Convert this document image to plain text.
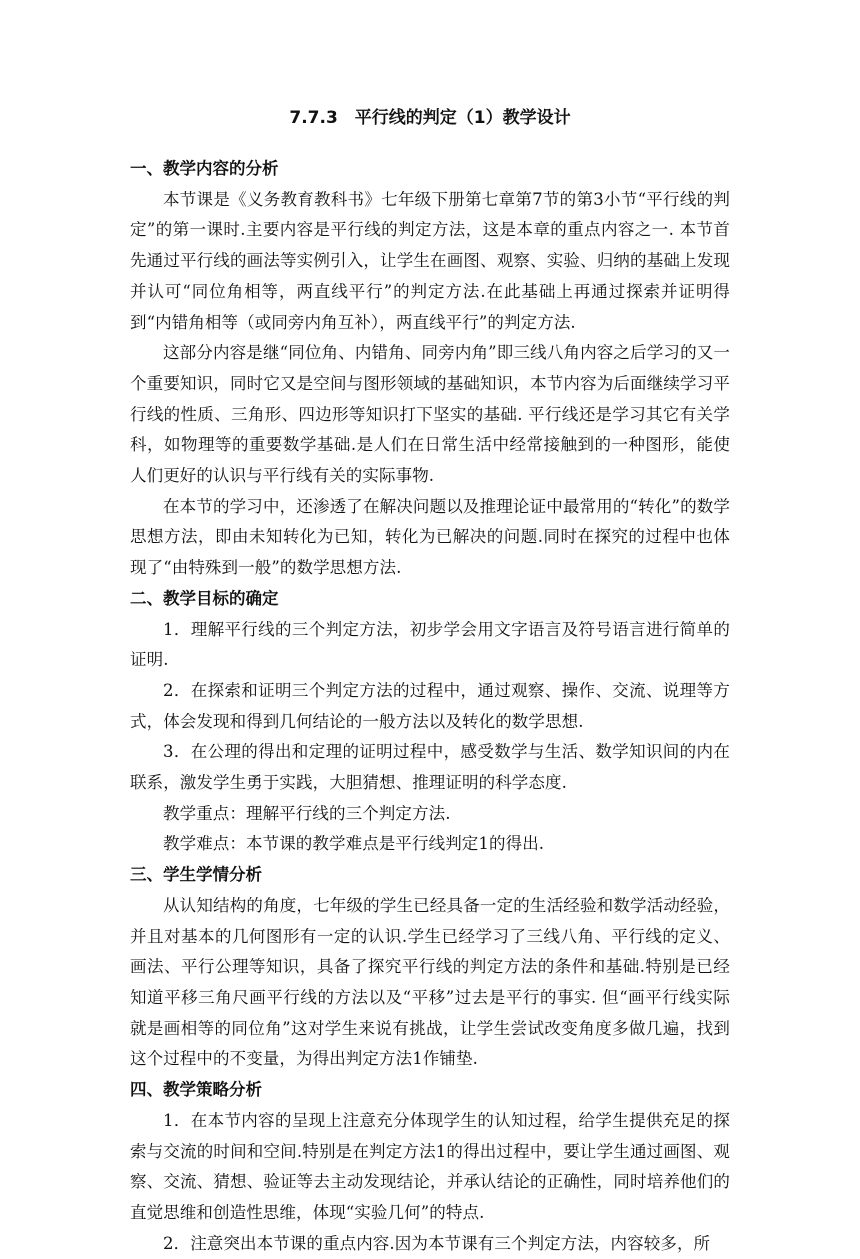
7.7.3　平行线的判定（1）教学设计
一、教学内容的分析

本节课是《义务教育教科书》七年级下册第七章第7节的第3小节“平行线的判定”的第一课时.主要内容是平行线的判定方法，这是本章的重点内容之一. 本节首先通过平行线的画法等实例引入，让学生在画图、观察、实验、归纳的基础上发现并认可“同位角相等，两直线平行”的判定方法.在此基础上再通过探索并证明得到“内错角相等（或同旁内角互补），两直线平行”的判定方法.

这部分内容是继“同位角、内错角、同旁内角”即三线八角内容之后学习的又一个重要知识，同时它又是空间与图形领域的基础知识，本节内容为后面继续学习平行线的性质、三角形、四边形等知识打下坚实的基础. 平行线还是学习其它有关学科，如物理等的重要数学基础.是人们在日常生活中经常接触到的一种图形，能使人们更好的认识与平行线有关的实际事物.

在本节的学习中，还渗透了在解决问题以及推理论证中最常用的“转化”的数学思想方法，即由未知转化为已知，转化为已解决的问题.同时在探究的过程中也体现了“由特殊到一般”的数学思想方法.

二、教学目标的确定

1．理解平行线的三个判定方法，初步学会用文字语言及符号语言进行简单的证明.

2．在探索和证明三个判定方法的过程中，通过观察、操作、交流、说理等方式，体会发现和得到几何结论的一般方法以及转化的数学思想.

3．在公理的得出和定理的证明过程中，感受数学与生活、数学知识间的内在联系，激发学生勇于实践，大胆猜想、推理证明的科学态度.

教学重点：理解平行线的三个判定方法.

教学难点：本节课的教学难点是平行线判定1的得出.

三、学生学情分析

从认知结构的角度，七年级的学生已经具备一定的生活经验和数学活动经验，并且对基本的几何图形有一定的认识.学生已经学习了三线八角、平行线的定义、画法、平行公理等知识，具备了探究平行线的判定方法的条件和基础.特别是已经知道平移三角尺画平行线的方法以及“平移”过去是平行的事实. 但“画平行线实际就是画相等的同位角”这对学生来说有挑战，让学生尝试改变角度多做几遍，找到这个过程中的不变量，为得出判定方法1作铺垫.

四、教学策略分析

1．在本节内容的呈现上注意充分体现学生的认知过程，给学生提供充足的探索与交流的时间和空间.特别是在判定方法1的得出过程中，要让学生通过画图、观察、交流、猜想、验证等去主动发现结论，并承认结论的正确性，同时培养他们的直觉思维和创造性思维，体现“实验几何”的特点.

2．注意突出本节课的重点内容.因为本节课有三个判定方法，内容较多，所
